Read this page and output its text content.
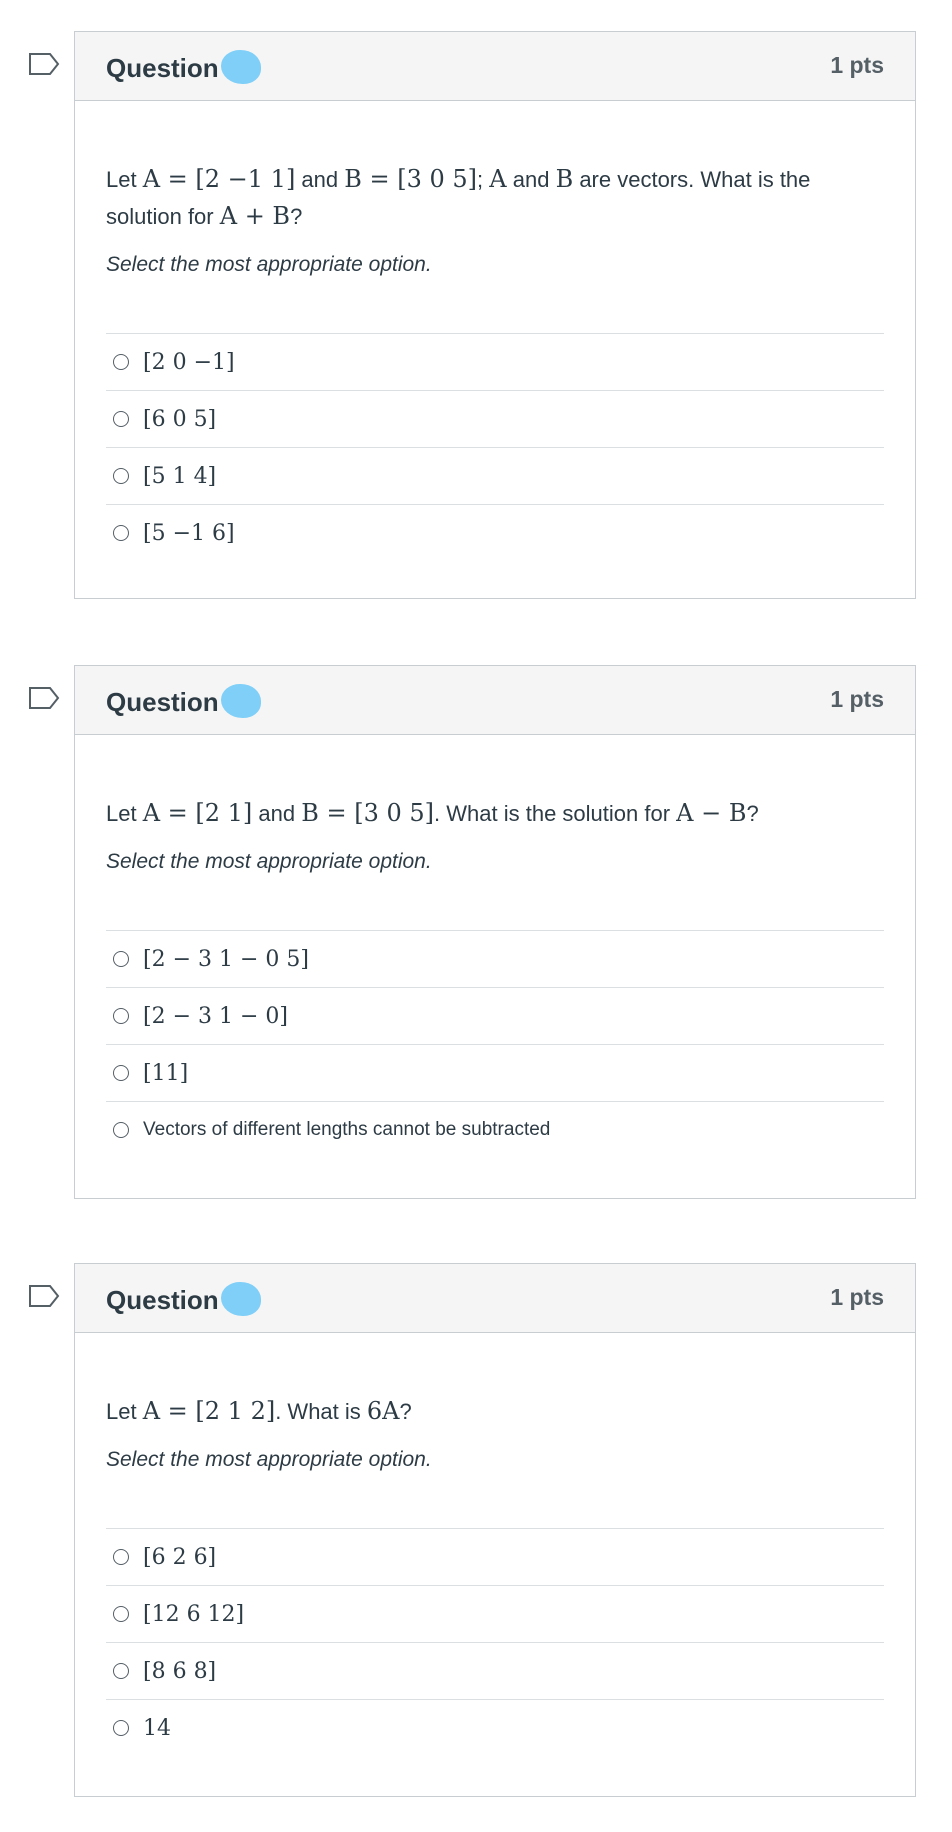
Question	1 pts

Let A = [2 −1 1] and B = [3 0 5]; A and B are vectors. What is the solution for A + B?

Select the most appropriate option.

[2 0 −1]
[6 0 5]
[5 1 4]
[5 −1 6]
Question	1 pts

Let A = [2 1] and B = [3 0 5]. What is the solution for A − B?

Select the most appropriate option.

[2 − 3 1 − 0 5]
[2 − 3 1 − 0]
[11]
Vectors of different lengths cannot be subtracted
Question	1 pts

Let A = [2 1 2]. What is 6A?

Select the most appropriate option.

[6 2 6]
[12 6 12]
[8 6 8]
14
